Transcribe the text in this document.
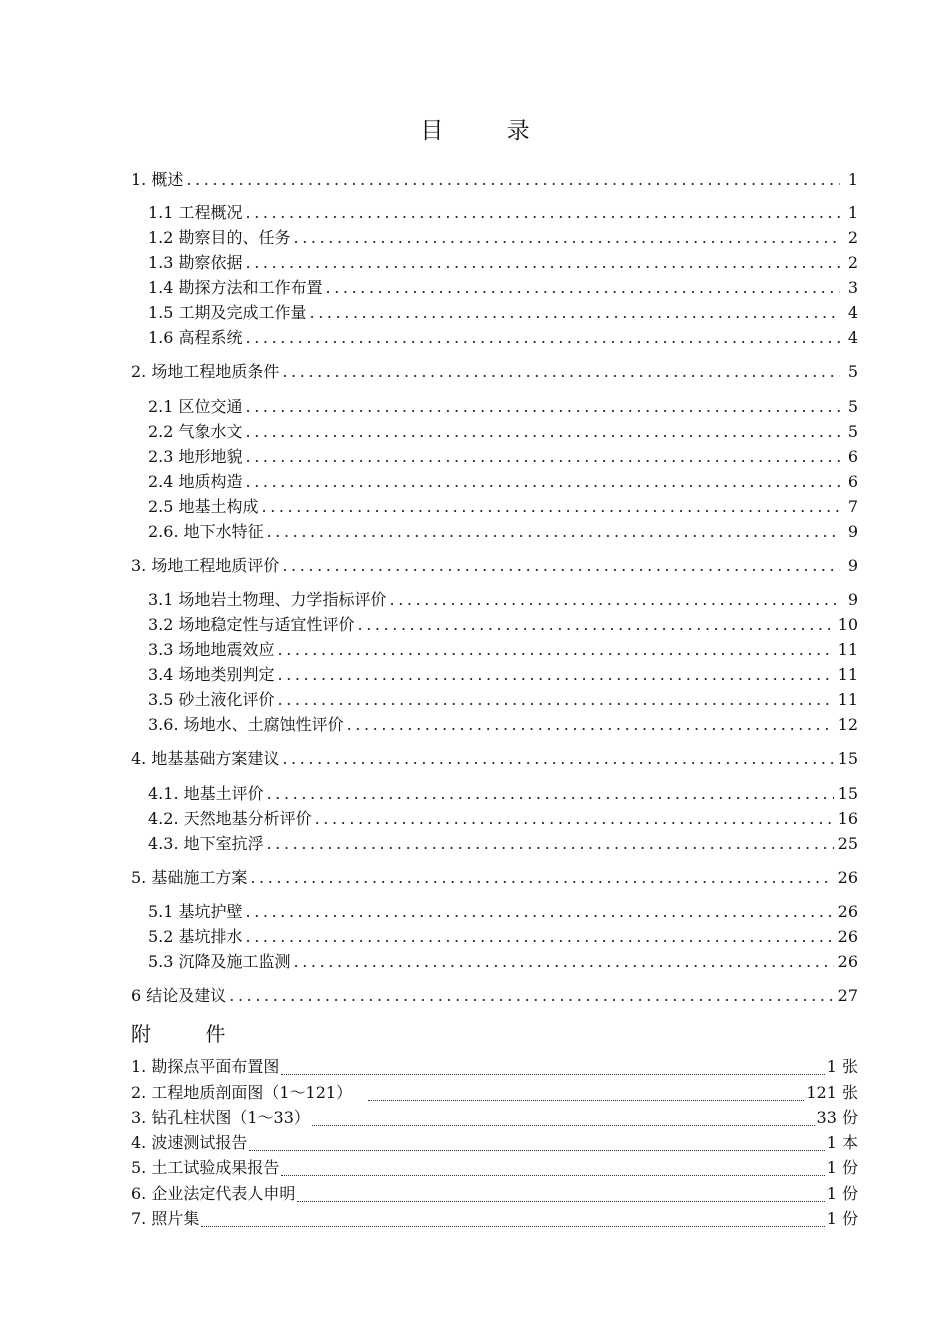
目 录
1. 概述 .....	1
1.1 工程概况 .....	1
1.2 勘察目的、任务 .....	2
1.3 勘察依据 .....	2
1.4 勘探方法和工作布置 .....	3
1.5 工期及完成工作量 .....	4
1.6 高程系统 .....	4
2. 场地工程地质条件 .....	5
2.1 区位交通 .....	5
2.2 气象水文 .....	5
2.3 地形地貌 .....	6
2.4 地质构造 .....	6
2.5 地基土构成 .....	7
2.6. 地下水特征 .....	9
3. 场地工程地质评价 .....	9
3.1 场地岩土物理、力学指标评价 .....	9
3.2 场地稳定性与适宜性评价 .....	10
3.3 场地地震效应 .....	11
3.4 场地类别判定 .....	11
3.5 砂土液化评价 .....	11
3.6. 场地水、土腐蚀性评价 .....	12
4. 地基基础方案建议 .....	15
4.1. 地基土评价 .....	15
4.2. 天然地基分析评价 .....	16
4.3. 地下室抗浮 .....	25
5. 基础施工方案 .....	26
5.1 基坑护壁 .....	26
5.2 基坑排水 .....	26
5.3 沉降及施工监测 .....	26
6 结论及建议 .....	27
附 件
1. 勘探点平面布置图	1 张
2. 工程地质剖面图（1～121）	121 张
3. 钻孔柱状图（1～33）	33 份
4. 波速测试报告	1 本
5. 土工试验成果报告	1 份
6. 企业法定代表人申明	1 份
7. 照片集	1 份
